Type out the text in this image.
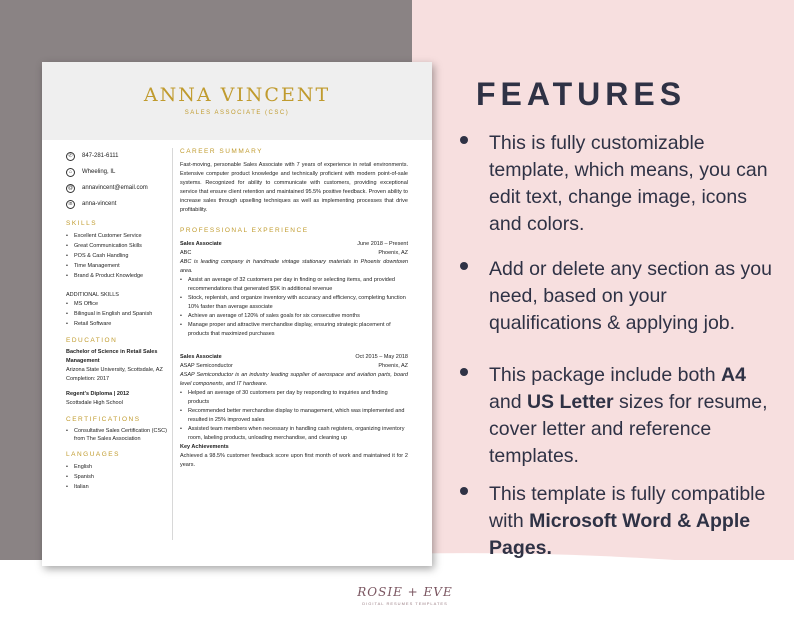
ROSIE + EVE
DIGITAL RESUMES TEMPLATES
ANNA VINCENT
SALES ASSOCIATE (CSC)
✆	847-281-6111
⌂	Wheeling, IL
@	annavincent@email.com
in	anna-vincent
SKILLS
• Excellent Customer Service
• Great Communication Skills
• POS & Cash Handling
• Time Management
• Brand & Product Knowledge
ADDITIONAL SKILLS
• MS Office
• Bilingual in English and Spanish
• Retail Software
EDUCATION
Bachelor of Science in Retail Sales Management
Arizona State University, Scottsdale, AZ
Completion: 2017
Regent's Diploma | 2012
Scottsdale High School
CERTIFICATIONS
• Consultative Sales Certification (CSC) from The Sales Association
LANGUAGES
• English
• Spanish
• Italian
CAREER SUMMARY
Fast-moving, personable Sales Associate with 7 years of experience in retail environments. Extensive computer product knowledge and technically proficient with modern point-of-sale systems. Recognized for ability to communicate with customers, providing exceptional service that ensure client retention and maintained 95.5% positive feedback. Proven ability to increase sales through upselling techniques as well as implementing processes that drive profitability.
PROFESSIONAL EXPERIENCE
Sales Associate	June 2018 – Present
ABC	Phoenix, AZ
ABC is leading company in handmade vintage stationary materials in Phoenix downtown area.
• Assist an average of 32 customers per day in finding or selecting items, and provided recommendations that generated $5K in additional revenue
• Stock, replenish, and organize inventory with accuracy and efficiency, completing function 10% faster than average associate
• Achieve an average of 120% of sales goals for six consecutive months
• Manage proper and attractive merchandise display, ensuring strategic placement of products that maximized purchases
Sales Associate	Oct 2015 – May 2018
ASAP Semiconductor	Phoenix, AZ
ASAP Semiconductor is an industry leading supplier of aerospace and aviation parts, board level components, and IT hardware.
• Helped an average of 30 customers per day by responding to inquiries and finding products
• Recommended better merchandise display to management, which was implemented and resulted in 25% improved sales
• Assisted team members when necessary in handling cash registers, organizing inventory room, labeling products, unloading merchandise, and cleaning up
Key Achievements
Achieved a 98.5% customer feedback score upon first month of work and maintained it for 2 years.
FEATURES
This is fully customizable template, which means, you can edit text, change image, icons and colors.
Add or delete any section as you need, based on your qualifications & applying job.
This package include both A4 and US Letter sizes for resume, cover letter and reference templates.
This template is fully compatible with Microsoft Word & Apple Pages.
